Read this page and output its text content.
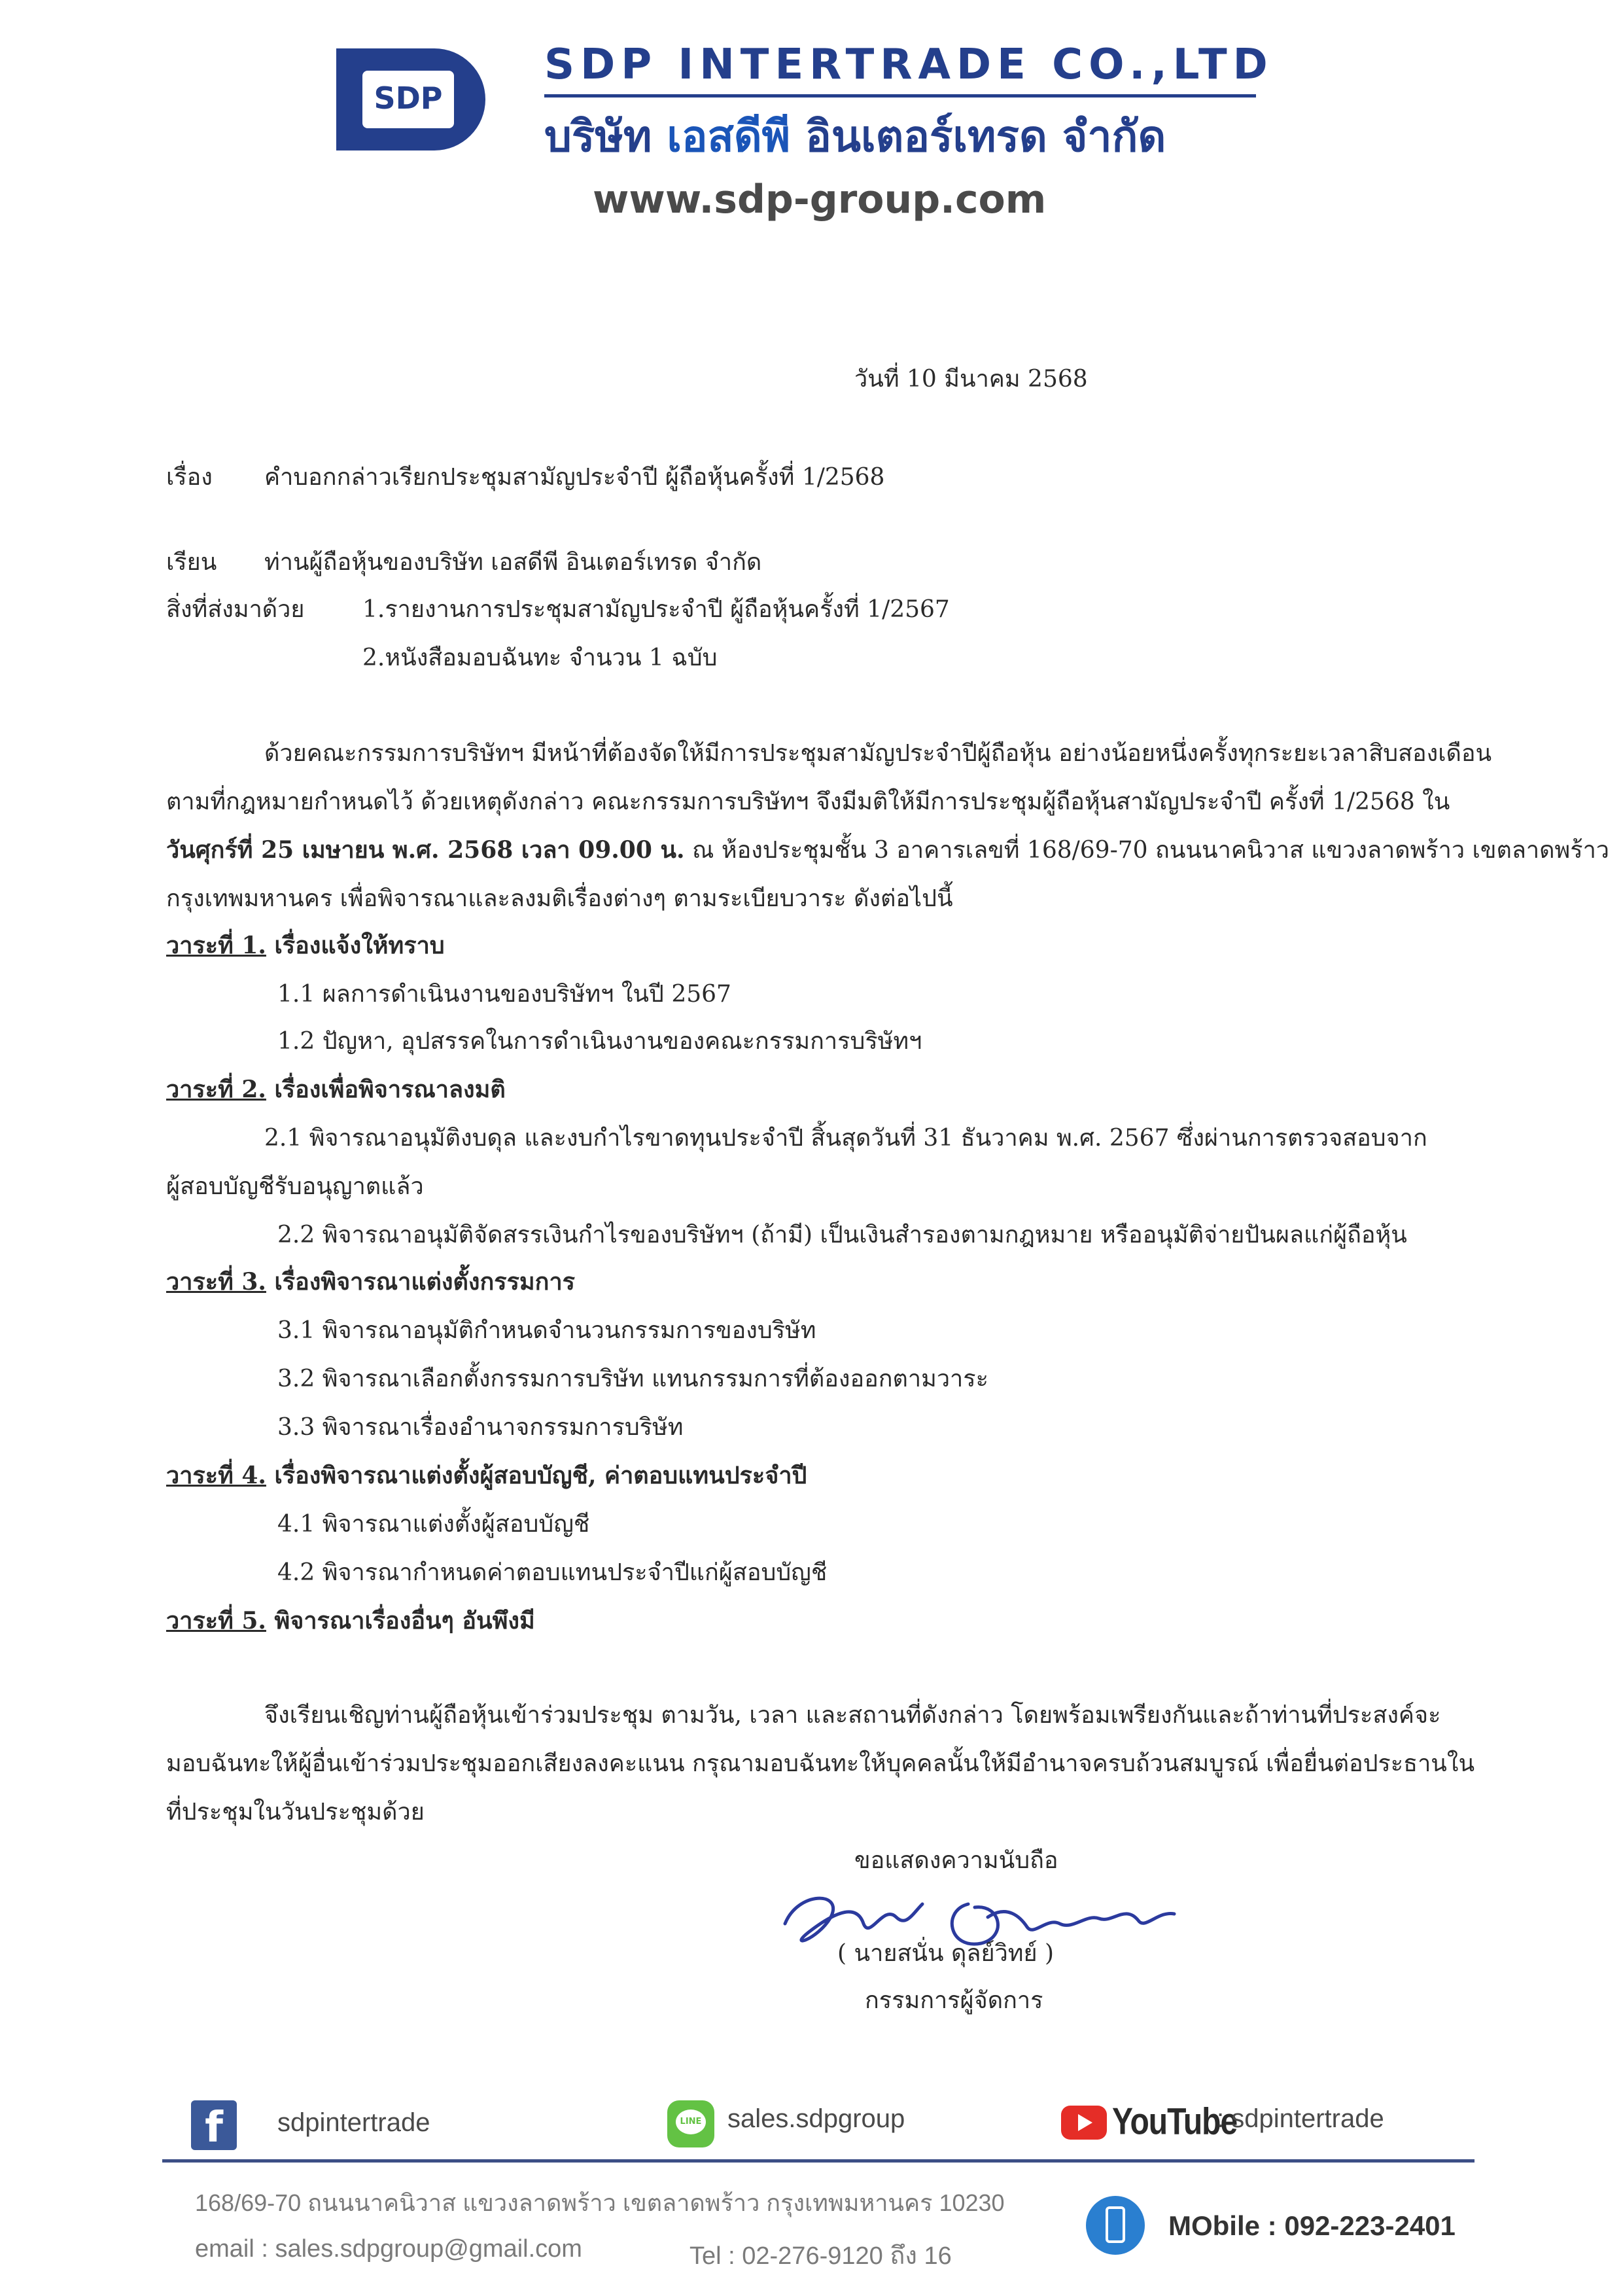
SDP
SDP INTERTRADE CO.,LTD
บริษัท เอสดีพี อินเตอร์เทรด จำกัด
www.sdp-group.com
วันที่ 10 มีนาคม 2568
เรื่อง คำบอกกล่าวเรียกประชุมสามัญประจำปี ผู้ถือหุ้นครั้งที่ 1/2568
เรียน ท่านผู้ถือหุ้นของบริษัท เอสดีพี อินเตอร์เทรด จำกัด
สิ่งที่ส่งมาด้วย 1.รายงานการประชุมสามัญประจำปี ผู้ถือหุ้นครั้งที่ 1/2567
2.หนังสือมอบฉันทะ จำนวน 1 ฉบับ
ด้วยคณะกรรมการบริษัทฯ มีหน้าที่ต้องจัดให้มีการประชุมสามัญประจำปีผู้ถือหุ้น อย่างน้อยหนึ่งครั้งทุกระยะเวลาสิบสองเดือน
ตามที่กฎหมายกำหนดไว้ ด้วยเหตุดังกล่าว คณะกรรมการบริษัทฯ จึงมีมติให้มีการประชุมผู้ถือหุ้นสามัญประจำปี ครั้งที่ 1/2568 ใน
วันศุกร์ที่ 25 เมษายน พ.ศ. 2568 เวลา 09.00 น. ณ ห้องประชุมชั้น 3 อาคารเลขที่ 168/69-70 ถนนนาคนิวาส แขวงลาดพร้าว เขตลาดพร้าว
กรุงเทพมหานคร เพื่อพิจารณาและลงมติเรื่องต่างๆ ตามระเบียบวาระ ดังต่อไปนี้
วาระที่ 1. เรื่องแจ้งให้ทราบ
1.1 ผลการดำเนินงานของบริษัทฯ ในปี 2567
1.2 ปัญหา, อุปสรรคในการดำเนินงานของคณะกรรมการบริษัทฯ
วาระที่ 2. เรื่องเพื่อพิจารณาลงมติ
2.1 พิจารณาอนุมัติงบดุล และงบกำไรขาดทุนประจำปี สิ้นสุดวันที่ 31 ธันวาคม พ.ศ. 2567 ซึ่งผ่านการตรวจสอบจาก
ผู้สอบบัญชีรับอนุญาตแล้ว
2.2 พิจารณาอนุมัติจัดสรรเงินกำไรของบริษัทฯ (ถ้ามี) เป็นเงินสำรองตามกฎหมาย หรืออนุมัติจ่ายปันผลแก่ผู้ถือหุ้น
วาระที่ 3. เรื่องพิจารณาแต่งตั้งกรรมการ
3.1 พิจารณาอนุมัติกำหนดจำนวนกรรมการของบริษัท
3.2 พิจารณาเลือกตั้งกรรมการบริษัท แทนกรรมการที่ต้องออกตามวาระ
3.3 พิจารณาเรื่องอำนาจกรรมการบริษัท
วาระที่ 4. เรื่องพิจารณาแต่งตั้งผู้สอบบัญชี, ค่าตอบแทนประจำปี
4.1 พิจารณาแต่งตั้งผู้สอบบัญชี
4.2 พิจารณากำหนดค่าตอบแทนประจำปีแก่ผู้สอบบัญชี
วาระที่ 5. พิจารณาเรื่องอื่นๆ อันพึงมี
จึงเรียนเชิญท่านผู้ถือหุ้นเข้าร่วมประชุม ตามวัน, เวลา และสถานที่ดังกล่าว โดยพร้อมเพรียงกันและถ้าท่านที่ประสงค์จะ
มอบฉันทะให้ผู้อื่นเข้าร่วมประชุมออกเสียงลงคะแนน กรุณามอบฉันทะให้บุคคลนั้นให้มีอำนาจครบถ้วนสมบูรณ์ เพื่อยื่นต่อประธานใน
ที่ประชุมในวันประชุมด้วย
ขอแสดงความนับถือ
( นายสนั่น ดุลย์วิทย์ )
กรรมการผู้จัดการ
f	sdpintertrade	LINE sales.sdpgroup	YouTube
: sdpintertrade
168/69-70 ถนนนาคนิวาส แขวงลาดพร้าว เขตลาดพร้าว กรุงเทพมหานคร 10230
email : sales.sdpgroup@gmail.com	Tel : 02-276-9120 ถึง 16
MObile : 092-223-2401
